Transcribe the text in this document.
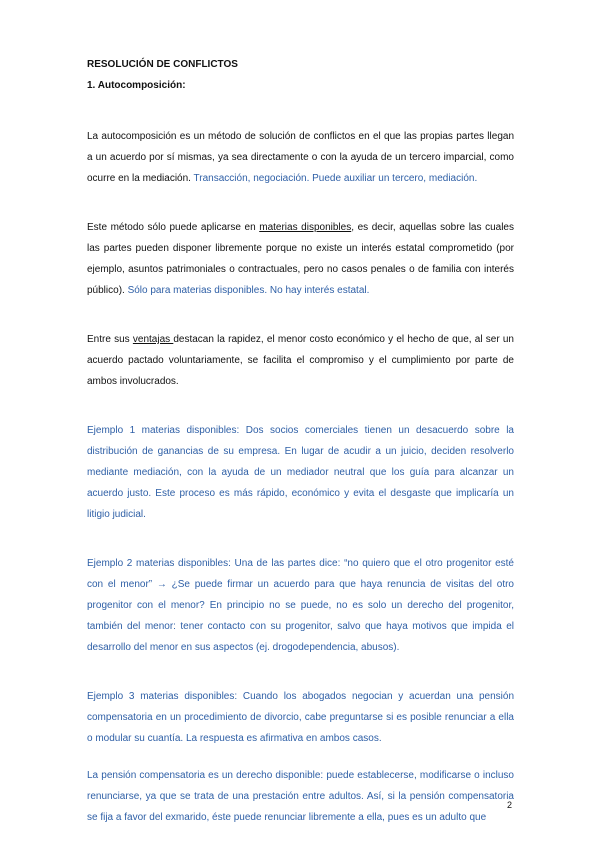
RESOLUCIÓN DE CONFLICTOS

1. Autocomposición:

La autocomposición es un método de solución de conflictos en el que las propias partes llegan a un acuerdo por sí mismas, ya sea directamente o con la ayuda de un tercero imparcial, como ocurre en la mediación. Transacción, negociación. Puede auxiliar un tercero, mediación.

Este método sólo puede aplicarse en materias disponibles, es decir, aquellas sobre las cuales las partes pueden disponer libremente porque no existe un interés estatal comprometido (por ejemplo, asuntos patrimoniales o contractuales, pero no casos penales o de familia con interés público). Sólo para materias disponibles. No hay interés estatal.

Entre sus ventajas destacan la rapidez, el menor costo económico y el hecho de que, al ser un acuerdo pactado voluntariamente, se facilita el compromiso y el cumplimiento por parte de ambos involucrados.

Ejemplo 1 materias disponibles: Dos socios comerciales tienen un desacuerdo sobre la distribución de ganancias de su empresa. En lugar de acudir a un juicio, deciden resolverlo mediante mediación, con la ayuda de un mediador neutral que los guía para alcanzar un acuerdo justo. Este proceso es más rápido, económico y evita el desgaste que implicaría un litigio judicial.

Ejemplo 2 materias disponibles: Una de las partes dice: “no quiero que el otro progenitor esté con el menor” → ¿Se puede firmar un acuerdo para que haya renuncia de visitas del otro progenitor con el menor? En principio no se puede, no es solo un derecho del progenitor, también del menor: tener contacto con su progenitor, salvo que haya motivos que impida el desarrollo del menor en sus aspectos (ej. drogodependencia, abusos).

Ejemplo 3 materias disponibles: Cuando los abogados negocian y acuerdan una pensión compensatoria en un procedimiento de divorcio, cabe preguntarse si es posible renunciar a ella o modular su cuantía. La respuesta es afirmativa en ambos casos.

La pensión compensatoria es un derecho disponible: puede establecerse, modificarse o incluso renunciarse, ya que se trata de una prestación entre adultos. Así, si la pensión compensatoria se fija a favor del exmarido, éste puede renunciar libremente a ella, pues es un adulto que

2
